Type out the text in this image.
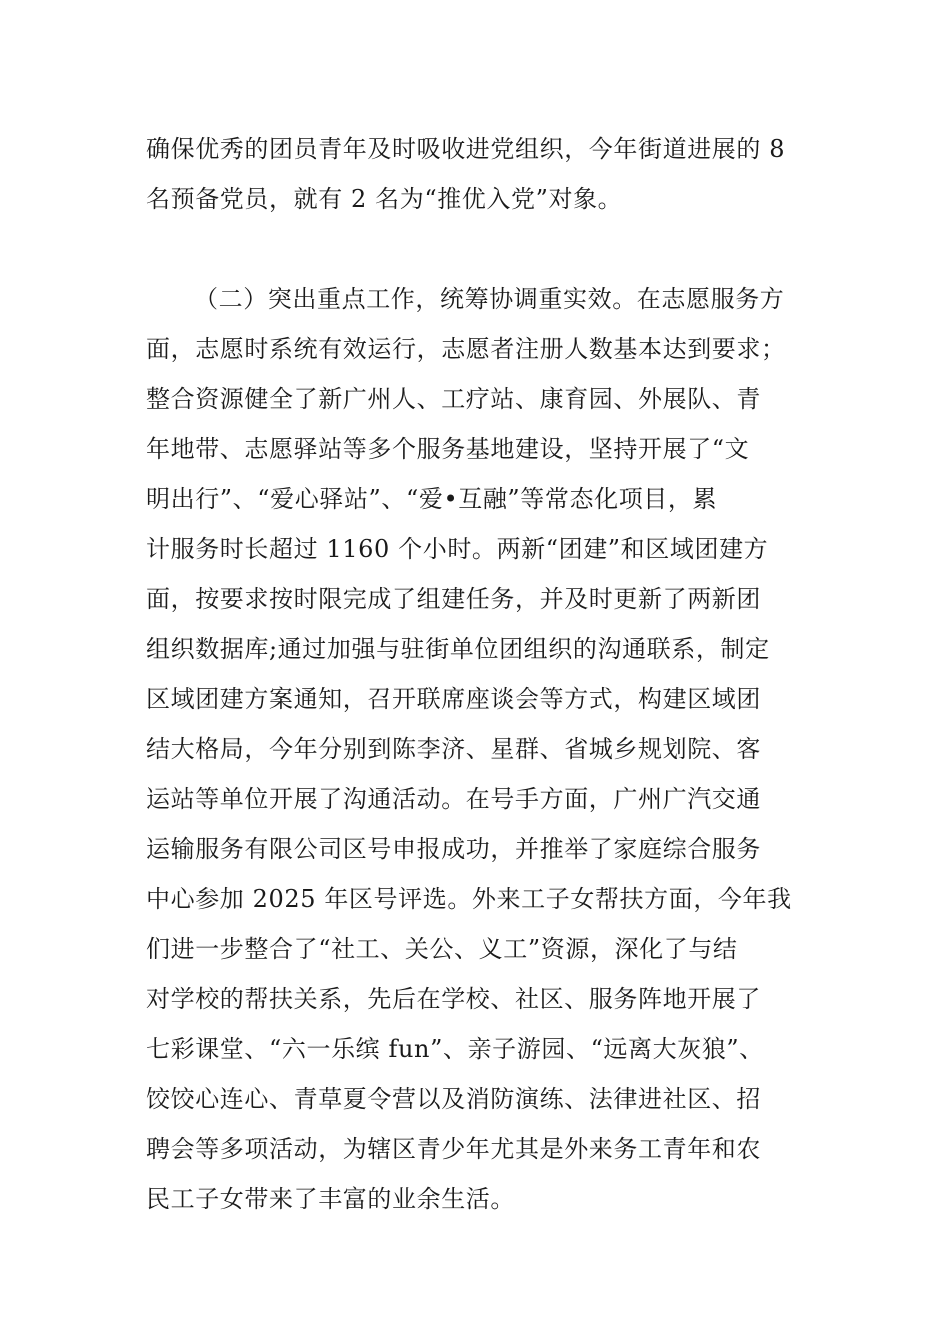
确保优秀的团员青年及时吸收进党组织，今年街道进展的 8
名预备党员，就有 2 名为“推优入党”对象。
（二）突出重点工作，统筹协调重实效。在志愿服务方
面，志愿时系统有效运行，志愿者注册人数基本达到要求；
整合资源健全了新广州人、工疗站、康育园、外展队、青
年地带、志愿驿站等多个服务基地建设，坚持开展了“文
明出行”、“爱心驿站”、“爱•互融”等常态化项目，累
计服务时长超过 1160 个小时。两新“团建”和区域团建方
面，按要求按时限完成了组建任务，并及时更新了两新团
组织数据库;通过加强与驻街单位团组织的沟通联系，制定
区域团建方案通知，召开联席座谈会等方式，构建区域团
结大格局，今年分别到陈李济、星群、省城乡规划院、客
运站等单位开展了沟通活动。在号手方面，广州广汽交通
运输服务有限公司区号申报成功，并推举了家庭综合服务
中心参加 2025 年区号评选。外来工子女帮扶方面，今年我
们进一步整合了“社工、关公、义工”资源，深化了与结
对学校的帮扶关系，先后在学校、社区、服务阵地开展了
七彩课堂、“六一乐缤 fun”、亲子游园、“远离大灰狼”、
饺饺心连心、青草夏令营以及消防演练、法律进社区、招
聘会等多项活动，为辖区青少年尤其是外来务工青年和农
民工子女带来了丰富的业余生活。
